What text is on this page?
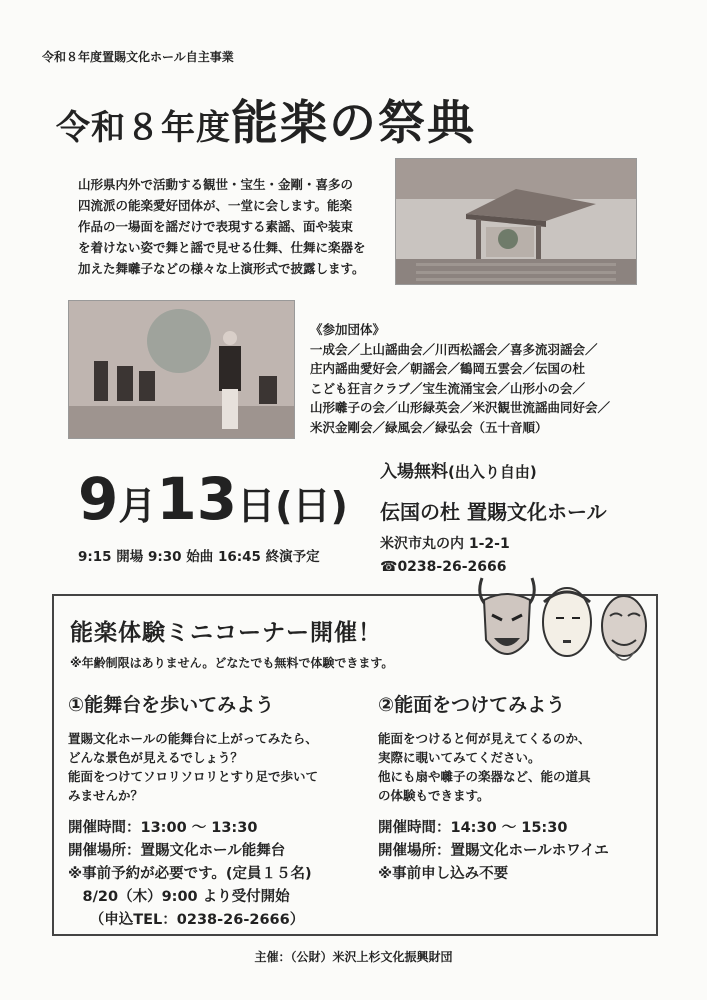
令和８年度置賜文化ホール自主事業
令和８年度能楽の祭典
山形県内外で活動する観世・宝生・金剛・喜多の
四流派の能楽愛好団体が、一堂に会します。能楽
作品の一場面を謡だけで表現する素謡、面や装束
を着けない姿で舞と謡で見せる仕舞、仕舞に楽器を
加えた舞囃子などの様々な上演形式で披露します。
《参加団体》
一成会／上山謡曲会／川西松謡会／喜多流羽謡会／
庄内謡曲愛好会／朝謡会／鶴岡五雲会／伝国の杜
こども狂言クラブ／宝生流涌宝会／山形小の会／
山形囃子の会／山形緑英会／米沢観世流謡曲同好会／
米沢金剛会／緑風会／緑弘会（五十音順）
9月13日(日)
9:15 開場 9:30 始曲 16:45 終演予定
入場無料(出入り自由)
伝国の杜 置賜文化ホール
米沢市丸の内 1-2-1
☎0238-26-2666
能楽体験ミニコーナー開催！
※年齢制限はありません。どなたでも無料で体験できます。
①能舞台を歩いてみよう
置賜文化ホールの能舞台に上がってみたら、
どんな景色が見えるでしょう？
能面をつけてソロリソロリとすり足で歩いて
みませんか？
開催時間：13:00 ～ 13:30
開催場所：置賜文化ホール能舞台
※事前予約が必要です。(定員１５名)
　8/20（木）9:00 より受付開始
　　（申込TEL：0238-26-2666）
②能面をつけてみよう
能面をつけると何が見えてくるのか、
実際に覗いてみてください。
他にも扇や囃子の楽器など、能の道具
の体験もできます。
開催時間：14:30 ～ 15:30
開催場所：置賜文化ホールホワイエ
※事前申し込み不要
主催：（公財）米沢上杉文化振興財団
